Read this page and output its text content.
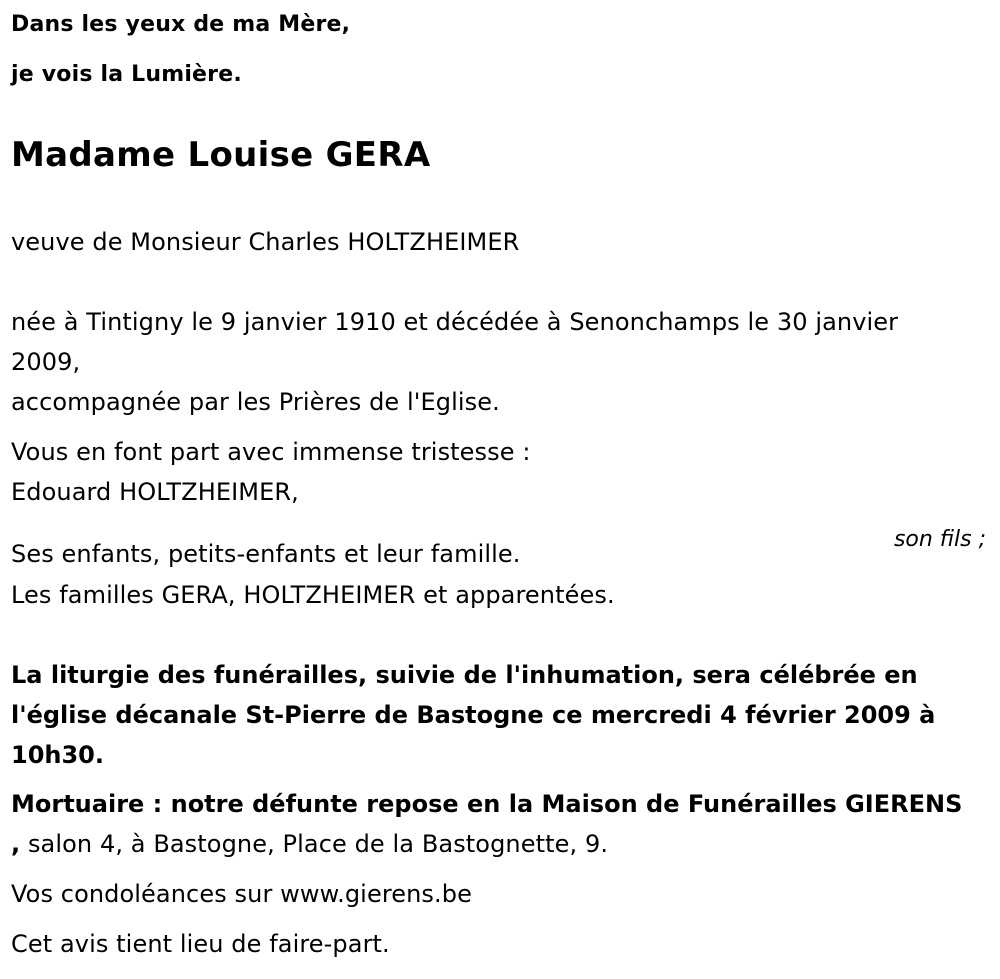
Dans les yeux de ma Mère,

je vois la Lumière.

Madame Louise GERA

veuve de Monsieur Charles HOLTZHEIMER

née à Tintigny le 9 janvier 1910 et décédée à Senonchamps le 30 janvier

2009,

accompagnée par les Prières de l'Eglise.

Vous en font part avec immense tristesse :

Edouard HOLTZHEIMER,

son fils ;

Ses enfants, petits-enfants et leur famille.

Les familles GERA, HOLTZHEIMER et apparentées.

La liturgie des funérailles, suivie de l'inhumation, sera célébrée en

l'église décanale St-Pierre de Bastogne ce mercredi 4 février 2009 à

10h30.

Mortuaire : notre défunte repose en la Maison de Funérailles GIERENS

, salon 4, à Bastogne, Place de la Bastognette, 9.

Vos condoléances sur www.gierens.be

Cet avis tient lieu de faire-part.
